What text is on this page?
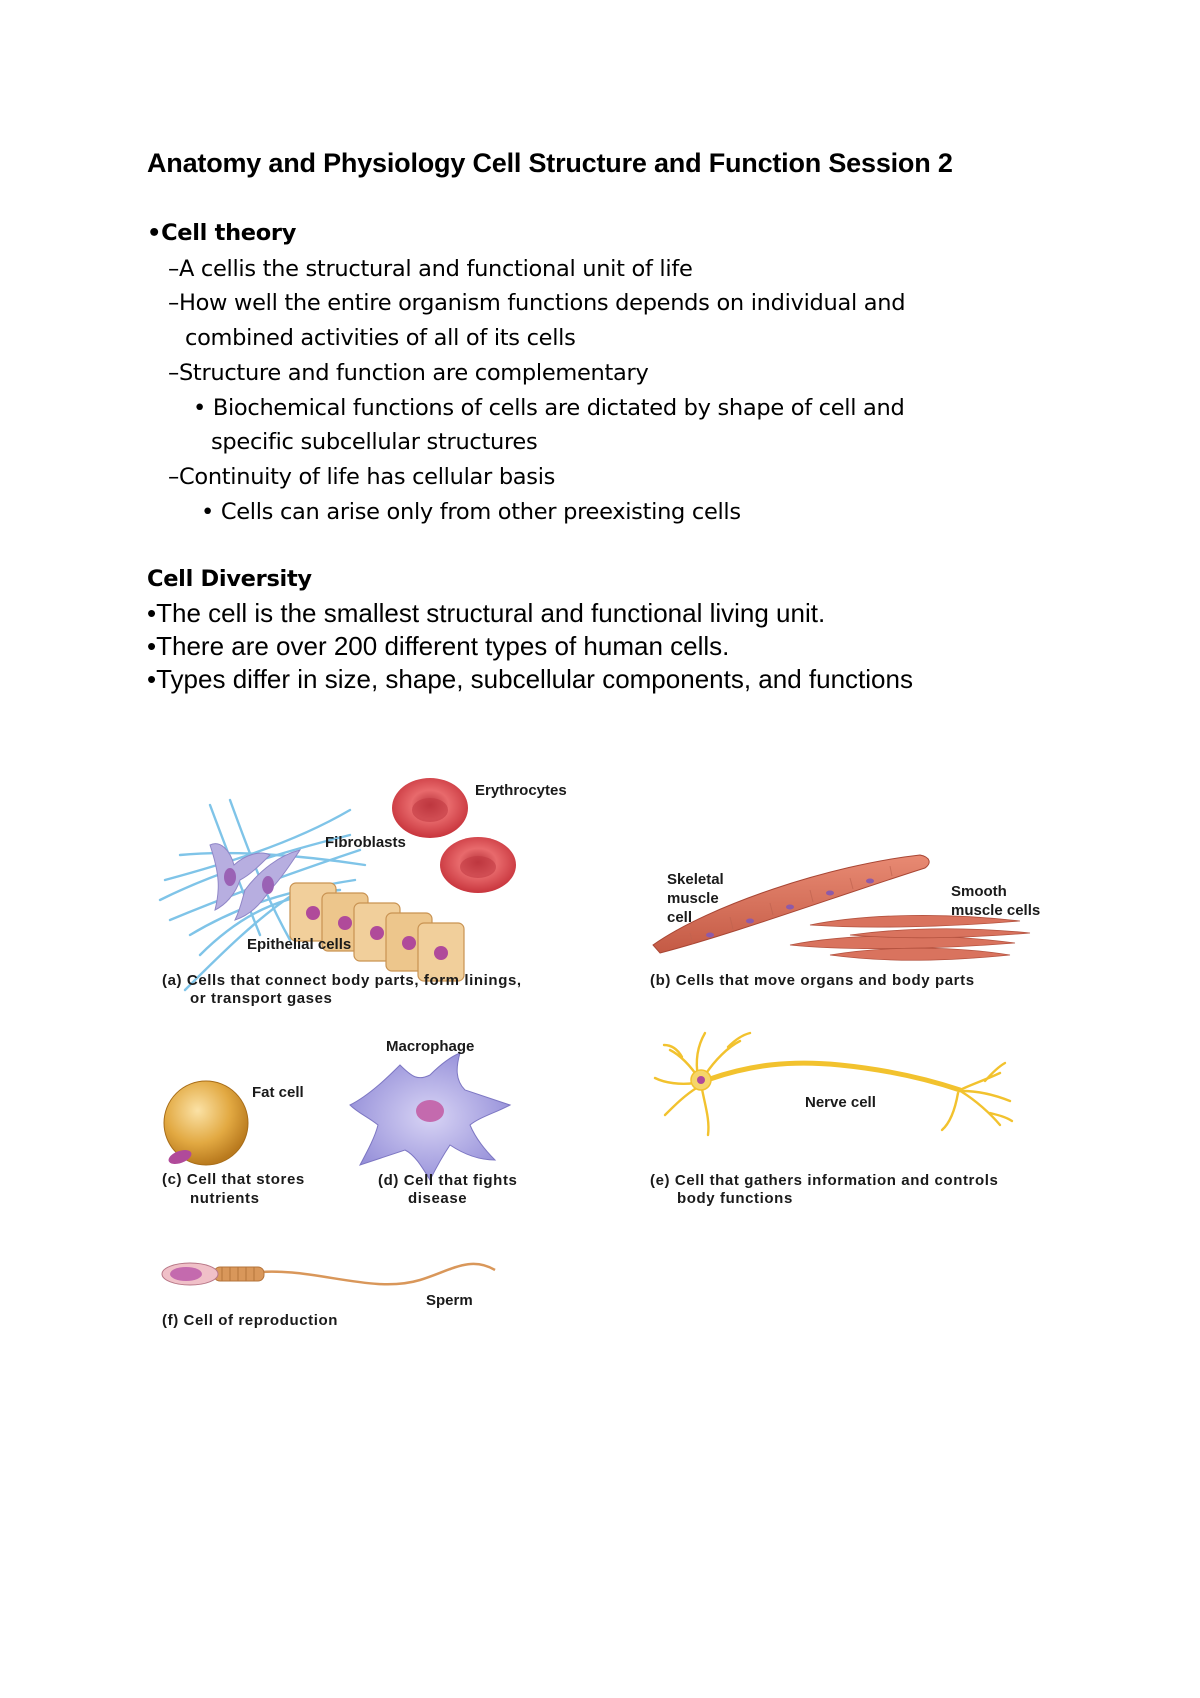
Anatomy and Physiology Cell Structure and Function Session 2
•Cell theory
–A cellis the structural and functional unit of life
–How well the entire organism functions depends on individual and
combined activities of all of its cells
–Structure and function are complementary
• Biochemical functions of cells are dictated by shape of cell and
specific subcellular structures
–Continuity of life has cellular basis
• Cells can arise only from other preexisting cells
Cell Diversity
•The cell is the smallest structural and functional living unit.
•There are over 200 different types of human cells.
•Types differ in size, shape, subcellular components, and functions
Erythrocytes
Fibroblasts
Epithelial cells
(a) Cells that connect body parts, form linings,
or transport gases
Skeletal
muscle
cell
Smooth
muscle cells
(b) Cells that move organs and body parts
Fat cell
Macrophage
(c) Cell that stores
nutrients
(d) Cell that fights
disease
Nerve cell
(e) Cell that gathers information and controls
body functions
Sperm
(f) Cell of reproduction
